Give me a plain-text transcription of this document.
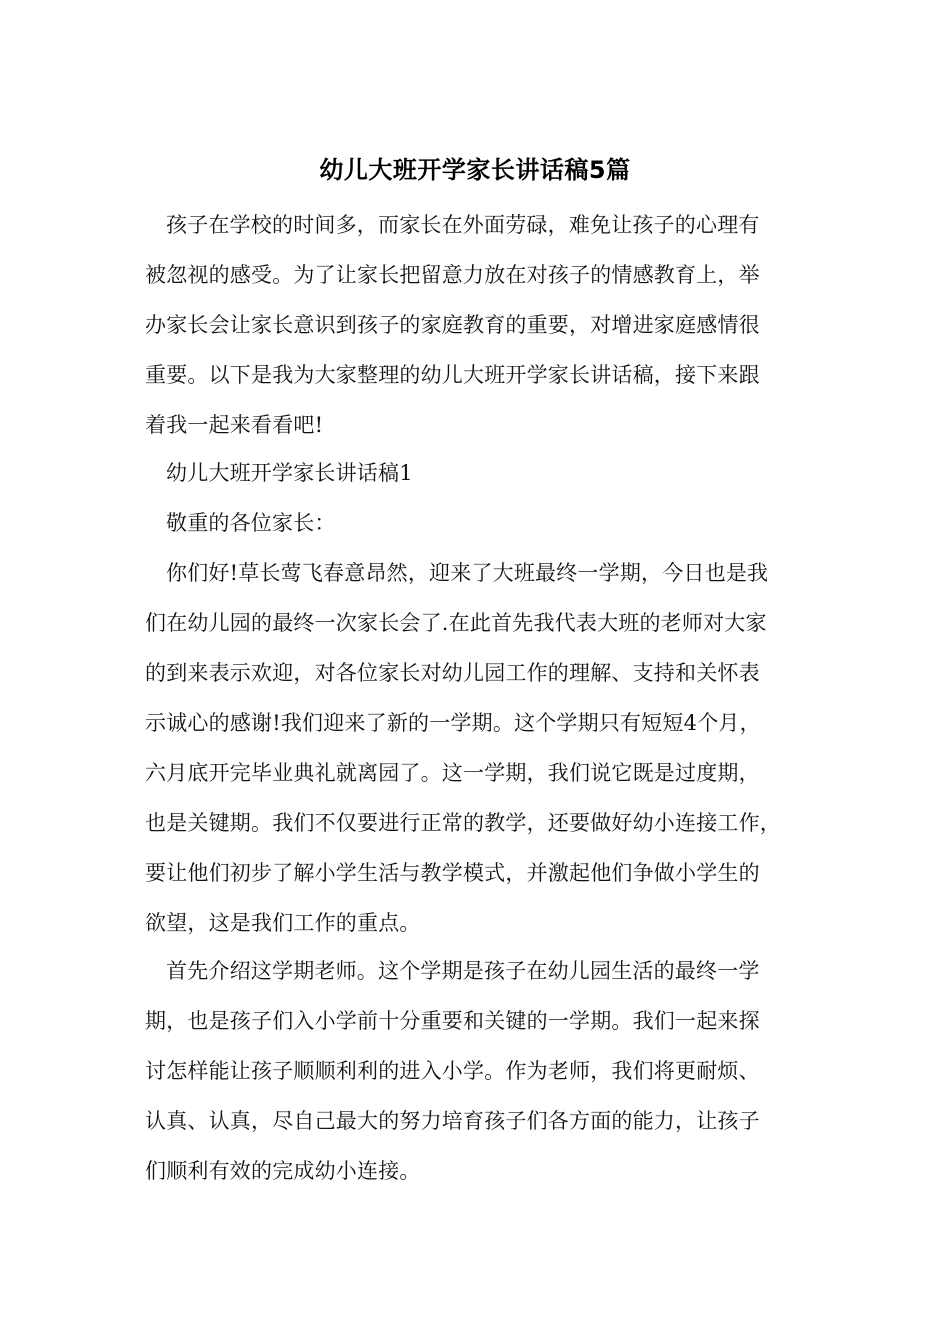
幼儿大班开学家长讲话稿5篇
孩子在学校的时间多，而家长在外面劳碌，难免让孩子的心理有
被忽视的感受。为了让家长把留意力放在对孩子的情感教育上，举
办家长会让家长意识到孩子的家庭教育的重要，对增进家庭感情很
重要。以下是我为大家整理的幼儿大班开学家长讲话稿，接下来跟
着我一起来看看吧!
幼儿大班开学家长讲话稿1
敬重的各位家长：
你们好!草长莺飞春意昂然，迎来了大班最终一学期，今日也是我
们在幼儿园的最终一次家长会了.在此首先我代表大班的老师对大家
的到来表示欢迎，对各位家长对幼儿园工作的理解、支持和关怀表
示诚心的感谢!我们迎来了新的一学期。这个学期只有短短4个月，
六月底开完毕业典礼就离园了。这一学期，我们说它既是过度期，
也是关键期。我们不仅要进行正常的教学，还要做好幼小连接工作，
要让他们初步了解小学生活与教学模式，并激起他们争做小学生的
欲望，这是我们工作的重点。
首先介绍这学期老师。这个学期是孩子在幼儿园生活的最终一学
期，也是孩子们入小学前十分重要和关键的一学期。我们一起来探
讨怎样能让孩子顺顺利利的进入小学。作为老师，我们将更耐烦、
认真、认真，尽自己最大的努力培育孩子们各方面的能力，让孩子
们顺利有效的完成幼小连接。
